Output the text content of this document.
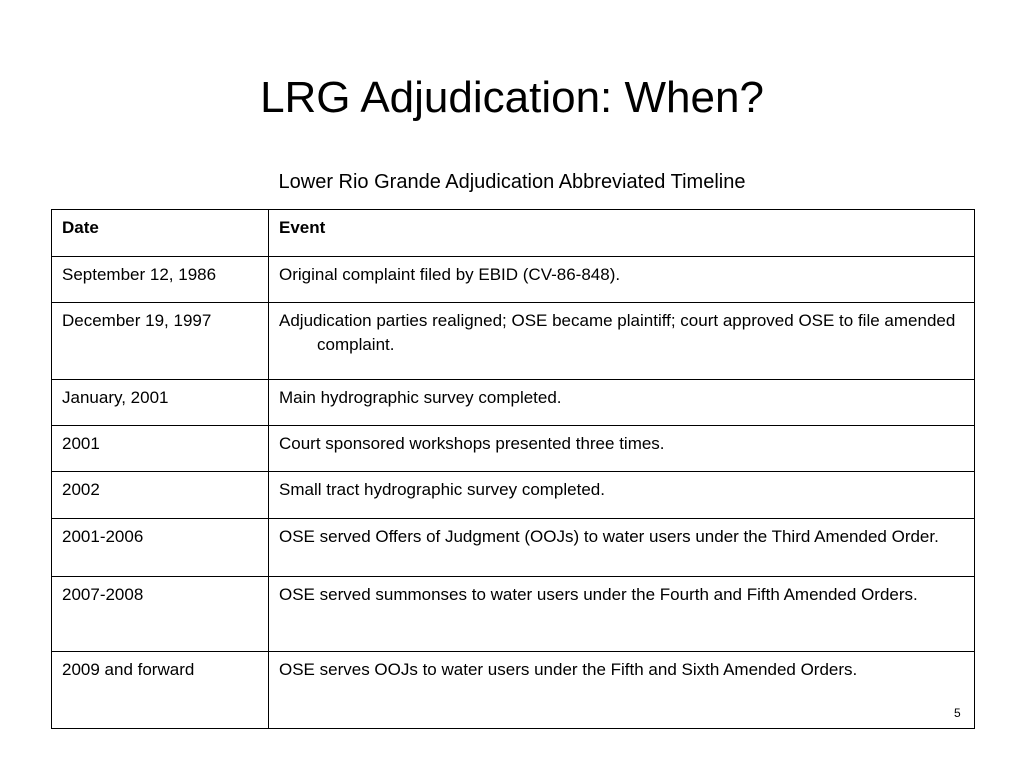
LRG Adjudication: When?
Lower Rio Grande Adjudication Abbreviated Timeline
Date	Event
September 12, 1986	Original complaint filed by EBID (CV-86-848).

December 19, 1997	Adjudication parties realigned; OSE became plaintiff; court approved OSE to file amended complaint.

January, 2001	Main hydrographic survey completed.

2001	Court sponsored workshops presented three times.

2002	Small tract hydrographic survey completed.

2001-2006	OSE served Offers of Judgment (OOJs) to water users under the Third Amended Order.

2007-2008	OSE served summonses to water users under the Fourth and Fifth Amended Orders.

2009 and forward	OSE serves OOJs to water users under the Fifth and Sixth Amended Orders.
5
